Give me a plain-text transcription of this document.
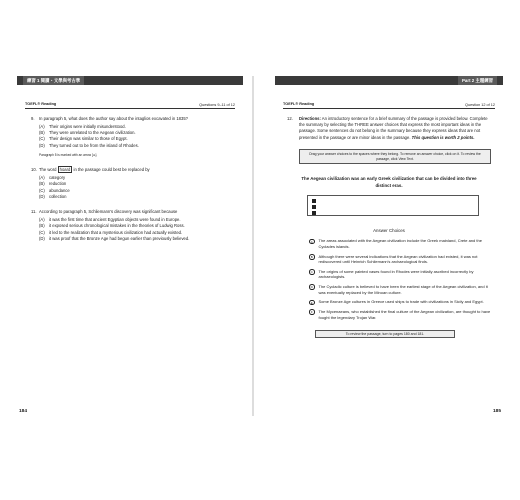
練習 1 閱讀・文學與考古學
TOEFL® Reading	Questions 9–11 of 12
9.	In paragraph 5, what does the author say about the intaglios excavated in 1835?
(A)	Their origins were initially misunderstood.
(B)	They were unrelated to the Aegean civilization.
(C) Their design was similar to those of Egypt.
(D) They turned out to be from the island of Rhodes.
Paragraph 5 is marked with an arrow [➡].
10. The word hoard in the passage could best be replaced by
(A)	category
(B)	reduction
(C) abundance
(D) collection
11. According to paragraph 5, Schliemann's discovery was significant because
(A)	it was the first time that ancient Egyptian objects were found in Europe.
(B)	it exposed serious chronological mistakes in the theories of Ludwig Ross.
(C) it led to the realization that a mysterious civilization had actually existed.
(D) it was proof that the Bronze Age had begun earlier than previously believed.
184
Part 2 主題練習
TOEFL® Reading	Question 12 of 12
12.	Directions: An introductory sentence for a brief summary of the passage is provided below. Complete the summary by selecting the THREE answer choices that express the most important ideas in the passage. Some sentences do not belong in the summary because they express ideas that are not presented in the passage or are minor ideas in the passage. This question is worth 2 points.
Drag your answer choices to the spaces where they belong. To remove an answer choice, click on it. To review the passage, click View Text.
The Aegean civilization was an early Greek civilization that can be divided into three distinct eras.
Answer Choices
A	The areas associated with the Aegean civilization include the Greek mainland, Crete and the Cyclades islands.
B	Although there were several indications that the Aegean civilization had existed, it was not rediscovered until Heinrich Schliemann's archaeological finds.
C	The origins of some painted vases found in Rhodes were initially ascribed incorrectly by archaeologists.
D	The Cycladic culture is believed to have been the earliest stage of the Aegean civilization, and it was eventually replaced by the Minoan culture.
E	Some Bronze Age cultures in Greece used ships to trade with civilizations in Sicily and Egypt.
F	The Mycenaeans, who established the final culture of the Aegean civilization, are thought to have fought the legendary Trojan War.
To review the passage, turn to pages 180 and 181.
185
